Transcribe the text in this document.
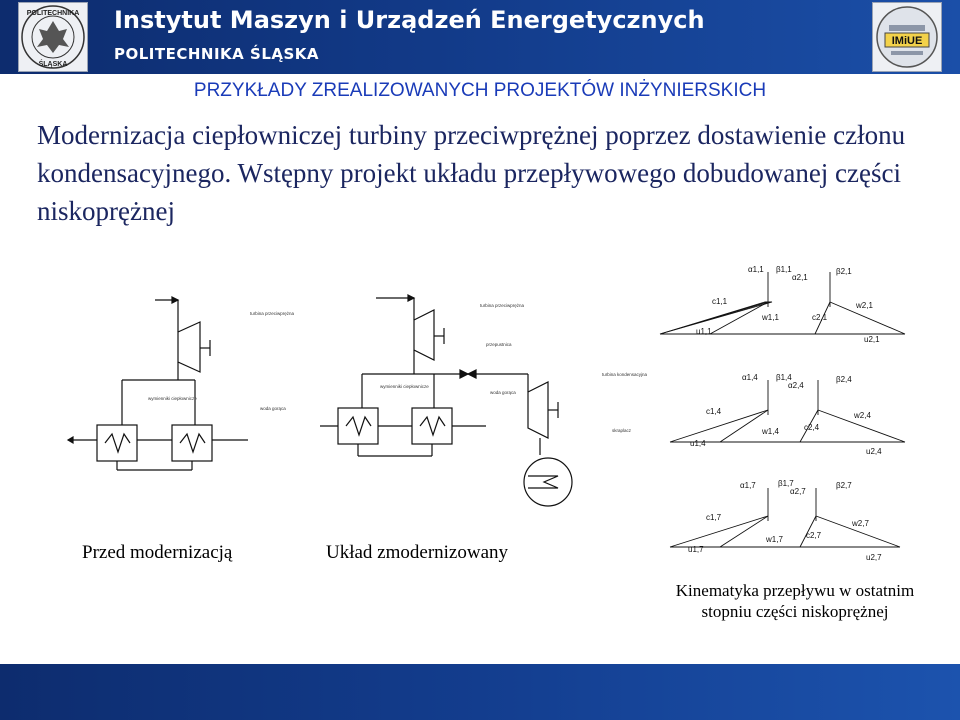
POLITECHNIKA
ŚLĄSKA
Instytut Maszyn i Urządzeń Energetycznych
POLITECHNIKA ŚLĄSKA
IMiUE
PRZYKŁADY ZREALIZOWANYCH PROJEKTÓW INŻYNIERSKICH

Modernizacja ciepłowniczej turbiny przeciwprężnej poprzez dostawienie członu kondensacyjnego. Wstępny projekt układu przepływowego dobudowanej części niskoprężnej

turbina przeciwprężna
wymienniki ciepłownicze
woda gorąca
turbina przeciwprężna
przepustnica
turbina kondensacyjna
wymienniki ciepłownicze
woda gorąca
skraplacz
α1,1 β1,1
α2,1
β2,1
c1,1
w1,1	c2,1
w2,1
u1,1
u2,1
α1,4 β1,4
α2,4
β2,4
c1,4
w1,4	c2,4
w2,4
u1,4
u2,4
α1,7	β1,7
α2,7
β2,7
c1,7
w1,7	c2,7
w2,7
u1,7
u2,7
Przed modernizacją	Układ zmodernizowany
Kinematyka przepływu w ostatnim stopniu części niskoprężnej
